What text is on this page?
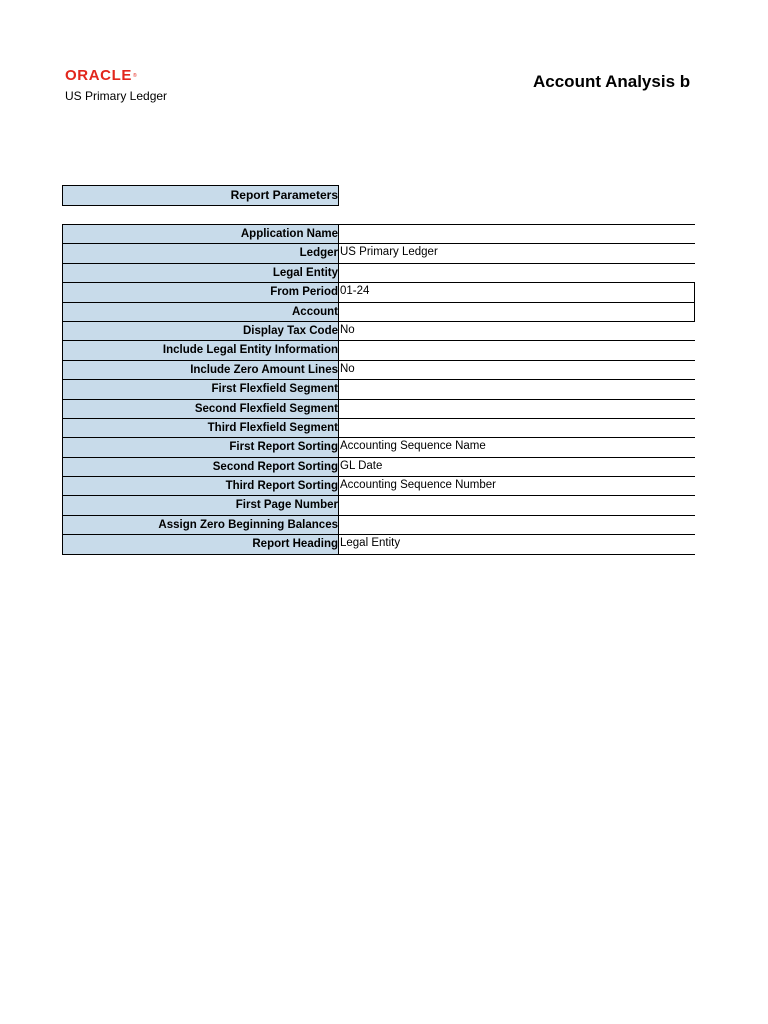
ORACLE®
US Primary Ledger
Account Analysis b
Report Parameters
Application Name
Ledger US Primary Ledger
Legal Entity
From Period 01-24
Account
Display Tax Code No
Include Legal Entity Information
Include Zero Amount Lines No
First Flexfield Segment
Second Flexfield Segment
Third Flexfield Segment
First Report Sorting Accounting Sequence Name
Second Report Sorting GL Date
Third Report Sorting Accounting Sequence Number
First Page Number
Assign Zero Beginning Balances
Report Heading Legal Entity
